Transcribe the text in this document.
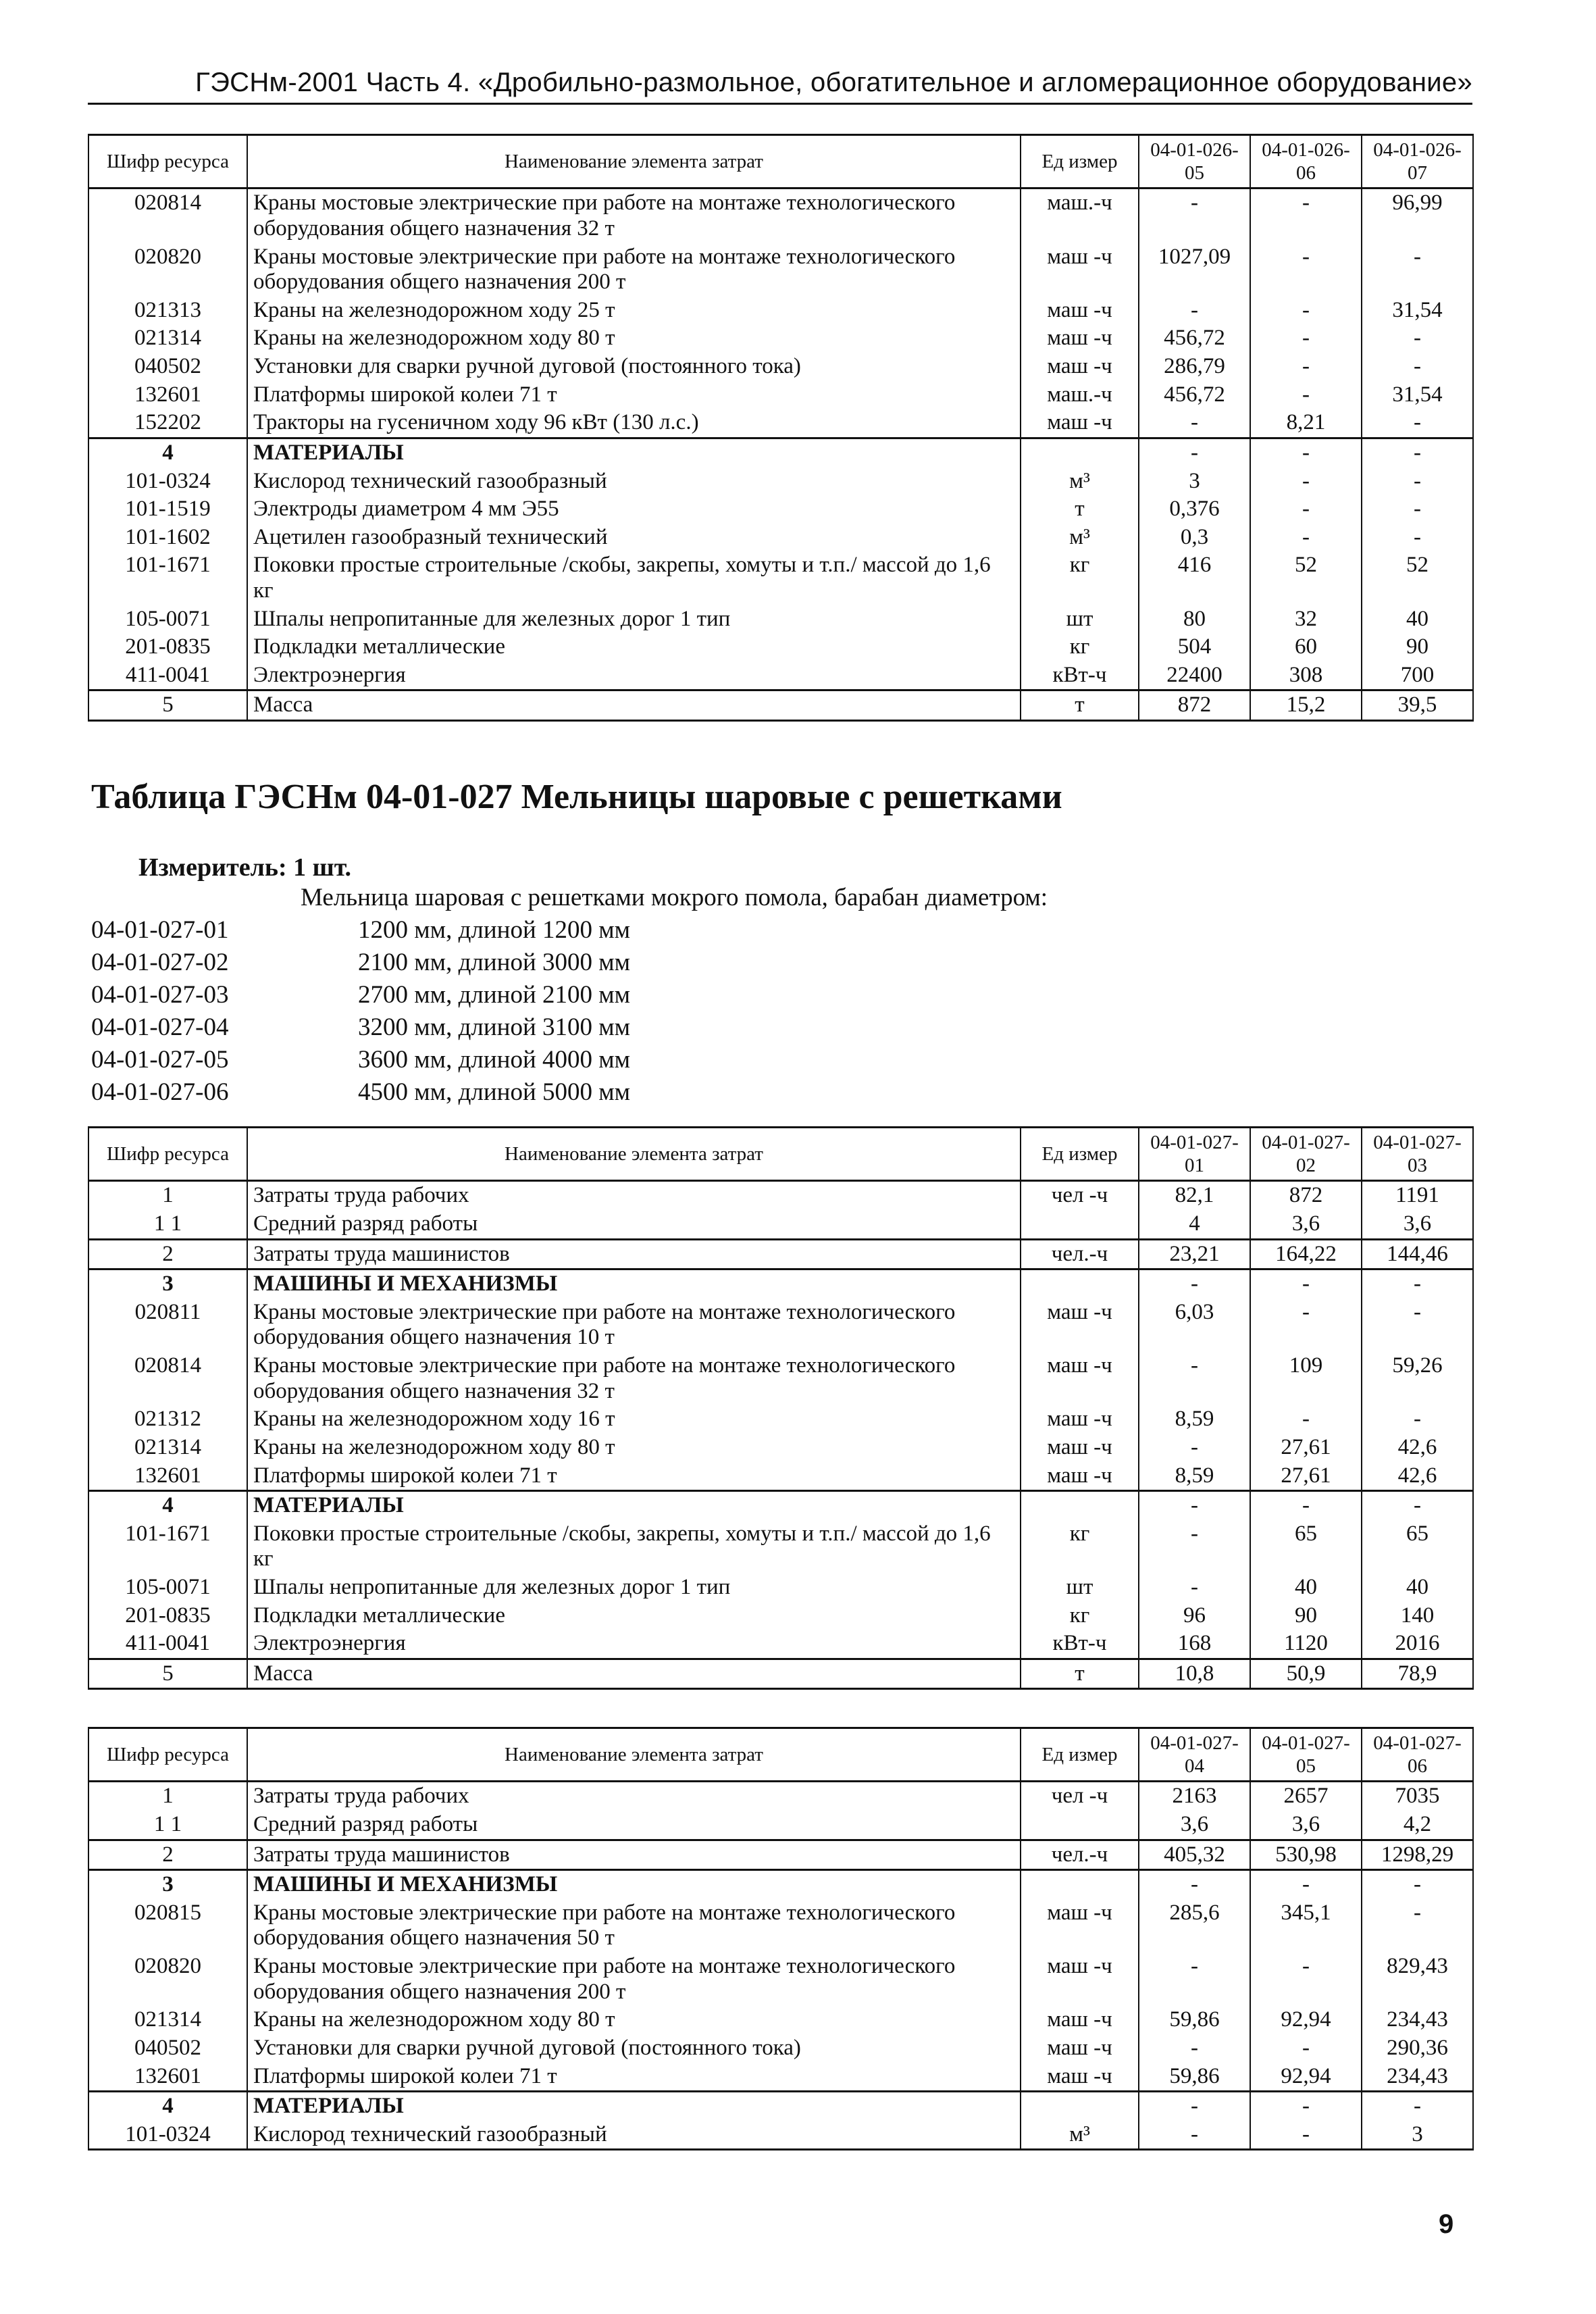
ГЭСНм-2001 Часть 4. «Дробильно-размольное, обогатительное и агломерационное оборудование»
Шифр ресурса	Наименование элемента затрат	Ед измер	04-01-026-05	04-01-026-06	04-01-026-07
020814	Краны мостовые электрические при работе на монтаже технологического оборудования общего назначения 32 т	маш.-ч	-	-	96,99
020820	Краны мостовые электрические при работе на монтаже технологического оборудования общего назначения 200 т	маш -ч	1027,09	-	-
021313	Краны на железнодорожном ходу 25 т	маш -ч	-	-	31,54
021314	Краны на железнодорожном ходу 80 т	маш -ч	456,72	-	-
040502	Установки для сварки ручной дуговой (постоянного тока)	маш -ч	286,79	-	-
132601	Платформы широкой колеи 71 т	маш.-ч	456,72	-	31,54
152202	Тракторы на гусеничном ходу 96 кВт (130 л.с.)	маш -ч	-	8,21	-
4	МАТЕРИАЛЫ		-	-	-
101-0324	Кислород технический газообразный	м³	3	-	-
101-1519	Электроды диаметром 4 мм Э55	т	0,376	-	-
101-1602	Ацетилен газообразный технический	м³	0,3	-	-
101-1671	Поковки простые строительные /скобы, закрепы, хомуты и т.п./ массой до 1,6 кг	кг	416	52	52
105-0071	Шпалы непропитанные для железных дорог 1 тип	шт	80	32	40
201-0835	Подкладки металлические	кг	504	60	90
411-0041	Электроэнергия	кВт-ч	22400	308	700
5	Масса	т	872	15,2	39,5
Таблица ГЭСНм 04-01-027 Мельницы шаровые с решетками
Измеритель: 1 шт.
Мельница шаровая с решетками мокрого помола, барабан диаметром:
04-01-027-01	1200 мм, длиной 1200 мм
04-01-027-02	2100 мм, длиной 3000 мм
04-01-027-03	2700 мм, длиной 2100 мм
04-01-027-04	3200 мм, длиной 3100 мм
04-01-027-05	3600 мм, длиной 4000 мм
04-01-027-06	4500 мм, длиной 5000 мм
Шифр ресурса	Наименование элемента затрат	Ед измер	04-01-027-01	04-01-027-02	04-01-027-03
1	Затраты труда рабочих	чел -ч	82,1	872	1191
1 1	Средний разряд работы		4	3,6	3,6
2	Затраты труда машинистов	чел.-ч	23,21	164,22	144,46
3	МАШИНЫ И МЕХАНИЗМЫ		-	-	-
020811	Краны мостовые электрические при работе на монтаже технологического оборудования общего назначения 10 т	маш -ч	6,03	-	-
020814	Краны мостовые электрические при работе на монтаже технологического оборудования общего назначения 32 т	маш -ч	-	109	59,26
021312	Краны на железнодорожном ходу 16 т	маш -ч	8,59	-	-
021314	Краны на железнодорожном ходу 80 т	маш -ч	-	27,61	42,6
132601	Платформы широкой колеи 71 т	маш -ч	8,59	27,61	42,6
4	МАТЕРИАЛЫ		-	-	-
101-1671	Поковки простые строительные /скобы, закрепы, хомуты и т.п./ массой до 1,6 кг	кг	-	65	65
105-0071	Шпалы непропитанные для железных дорог 1 тип	шт	-	40	40
201-0835	Подкладки металлические	кг	96	90	140
411-0041	Электроэнергия	кВт-ч	168	1120	2016
5	Масса	т	10,8	50,9	78,9
Шифр ресурса	Наименование элемента затрат	Ед измер	04-01-027-04	04-01-027-05	04-01-027-06
1	Затраты труда рабочих	чел -ч	2163	2657	7035
1 1	Средний разряд работы		3,6	3,6	4,2
2	Затраты труда машинистов	чел.-ч	405,32	530,98	1298,29
3	МАШИНЫ И МЕХАНИЗМЫ		-	-	-
020815	Краны мостовые электрические при работе на монтаже технологического оборудования общего назначения 50 т	маш -ч	285,6	345,1	-
020820	Краны мостовые электрические при работе на монтаже технологического оборудования общего назначения 200 т	маш -ч	-	-	829,43
021314	Краны на железнодорожном ходу 80 т	маш -ч	59,86	92,94	234,43
040502	Установки для сварки ручной дуговой (постоянного тока)	маш -ч	-	-	290,36
132601	Платформы широкой колеи 71 т	маш -ч	59,86	92,94	234,43
4	МАТЕРИАЛЫ		-	-	-
101-0324	Кислород технический газообразный	м³	-	-	3
9
